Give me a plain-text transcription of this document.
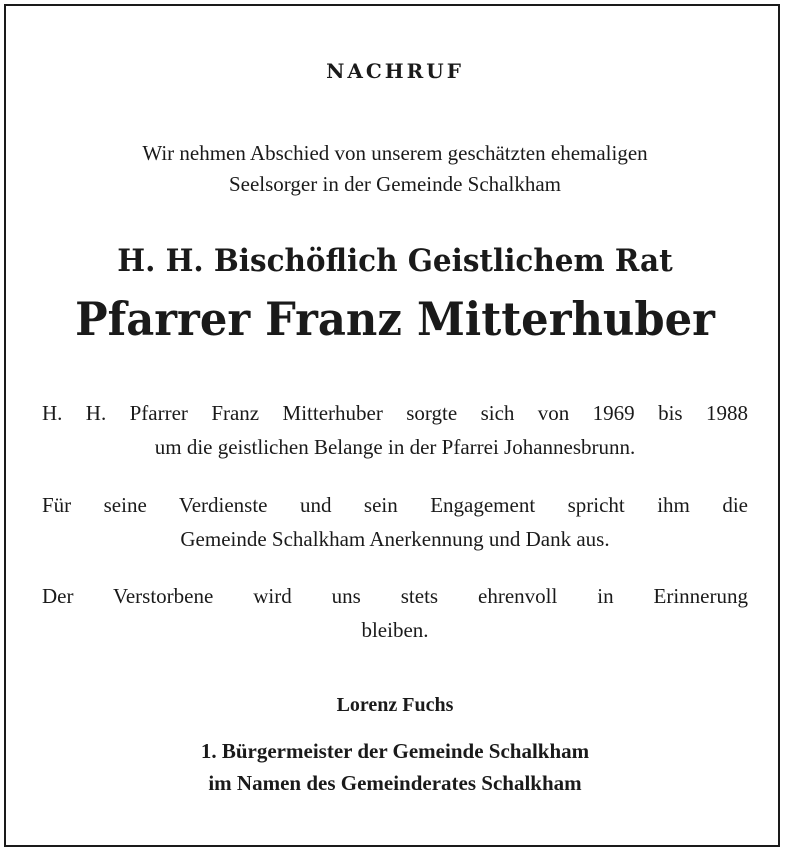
NACHRUF
Wir nehmen Abschied von unserem geschätzten ehemaligen
Seelsorger in der Gemeinde Schalkham
H. H. Bischöflich Geistlichem Rat
Pfarrer Franz Mitterhuber
H. H. Pfarrer Franz Mitterhuber sorgte sich von 1969 bis 1988
um die geistlichen Belange in der Pfarrei Johannesbrunn.
Für seine Verdienste und sein Engagement spricht ihm die
Gemeinde Schalkham Anerkennung und Dank aus.
Der Verstorbene wird uns stets ehrenvoll in Erinnerung
bleiben.
Lorenz Fuchs
1. Bürgermeister der Gemeinde Schalkham
im Namen des Gemeinderates Schalkham
